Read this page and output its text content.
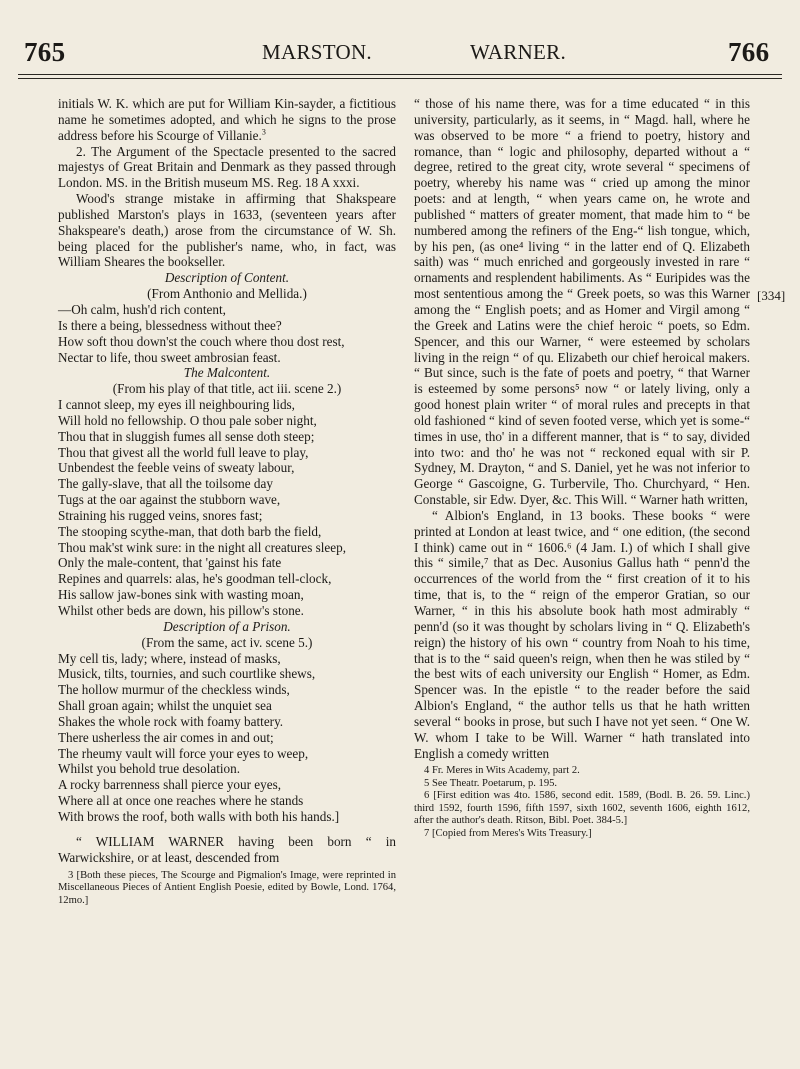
765	MARSTON.	WARNER.	766

initials W. K. which are put for William Kin-sayder, a fictitious name he sometimes adopted, and which he signs to the prose address before his Scourge of Villanie.$^3$

2. The Argument of the Spectacle presented to the sacred majestys of Great Britain and Denmark as they passed through London. MS. in the British museum MS. Reg. 18 A xxxi.

Wood's strange mistake in affirming that Shakspeare published Marston's plays in 1633, (seventeen years after Shakspeare's death,) arose from the circumstance of W. Sh. being placed for the publisher's name, who, in fact, was William Sheares the bookseller.

Description of Content.

(From Anthonio and Mellida.)

—Oh calm, hush'd rich content,

Is there a being, blessedness without thee?

How soft thou down'st the couch where thou dost rest,

Nectar to life, thou sweet ambrosian feast.

The Malcontent.

(From his play of that title, act iii. scene 2.)

I cannot sleep, my eyes ill neighbouring lids,

Will hold no fellowship. O thou pale sober night,

Thou that in sluggish fumes all sense doth steep;

Thou that givest all the world full leave to play,

Unbendest the feeble veins of sweaty labour,

The gally-slave, that all the toilsome day

Tugs at the oar against the stubborn wave,

Straining his rugged veins, snores fast;

The stooping scythe-man, that doth barb the field,

Thou mak'st wink sure: in the night all creatures sleep,

Only the male-content, that 'gainst his fate

Repines and quarrels: alas, he's goodman tell-clock,

His sallow jaw-bones sink with wasting moan,

Whilst other beds are down, his pillow's stone.

Description of a Prison.

(From the same, act iv. scene 5.)

My cell tis, lady; where, instead of masks,

Musick, tilts, tournies, and such courtlike shews,

The hollow murmur of the checkless winds,

Shall groan again; whilst the unquiet sea

Shakes the whole rock with foamy battery.

There usherless the air comes in and out;

The rheumy vault will force your eyes to weep,

Whilst you behold true desolation.

A rocky barrenness shall pierce your eyes,

Where all at once one reaches where he stands

With brows the roof, both walls with both his hands.]

“ WILLIAM WARNER having been born “ in Warwickshire, or at least, descended from

3 [Both these pieces, The Scourge and Pigmalion's Image, were reprinted in Miscellaneous Pieces of Antient English Poesie, edited by Bowle, Lond. 1764, 12mo.]

“ those of his name there, was for a time educated “ in this university, particularly, as it seems, in “ Magd. hall, where he was observed to be more “ a friend to poetry, history and romance, than “ logic and philosophy, departed without a “ degree, retired to the great city, wrote several “ specimens of poetry, whereby his name was “ cried up among the minor poets: and at length, “ when years came on, he wrote and published “ matters of greater moment, that made him to “ be numbered among the refiners of the Eng-“ lish tongue, which, by his pen, (as one⁴ living “ in the latter end of Q. Elizabeth saith) was “ much enriched and gorgeously invested in rare “ ornaments and resplendent habiliments. As “ Euripides was the most sententious among the “ Greek poets, so was this Warner among the “ English poets; and as Homer and Virgil among “ the Greek and Latins were the chief heroic “ poets, so Edm. Spencer, and this our Warner, “ were esteemed by scholars living in the reign “ of qu. Elizabeth our chief heroical makers. “ But since, such is the fate of poets and poetry, “ that Warner is esteemed by some persons⁵ now “ or lately living, only a good honest plain writer “ of moral rules and precepts in that old fashioned “ kind of seven footed verse, which yet is some-“ times in use, tho' in a different manner, that is “ to say, divided into two: and tho' he was not “ reckoned equal with sir P. Sydney, M. Drayton, “ and S. Daniel, yet he was not inferior to George “ Gascoigne, G. Turbervile, Tho. Churchyard, “ Hen. Constable, sir Edw. Dyer, &c. This Will. “ Warner hath written,

“ Albion's England, in 13 books. These books “ were printed at London at least twice, and “ one edition, (the second I think) came out in “ 1606.⁶ (4 Jam. I.) of which I shall give this “ simile,⁷ that as Dec. Ausonius Gallus hath “ penn'd the occurrences of the world from the “ first creation of it to his time, that is, to the “ reign of the emperor Gratian, so our Warner, “ in this his absolute book hath most admirably “ penn'd (so it was thought by scholars living in “ Q. Elizabeth's reign) the history of his own “ country from Noah to his time, that is to the “ said queen's reign, when then he was stiled by “ the best wits of each university our English “ Homer, as Edm. Spencer was. In the epistle “ to the reader before the said Albion's England, “ the author tells us that he hath written several “ books in prose, but such I have not yet seen. “ One W. W. whom I take to be Will. Warner “ hath translated into English a comedy written

4 Fr. Meres in Wits Academy, part 2.

5 See Theatr. Poetarum, p. 195.

6 [First edition was 4to. 1586, second edit. 1589, (Bodl. B. 26. 59. Linc.) third 1592, fourth 1596, fifth 1597, sixth 1602, seventh 1606, eighth 1612, after the author's death. Ritson, Bibl. Poet. 384-5.]

7 [Copied from Meres's Wits Treasury.]

[334]
